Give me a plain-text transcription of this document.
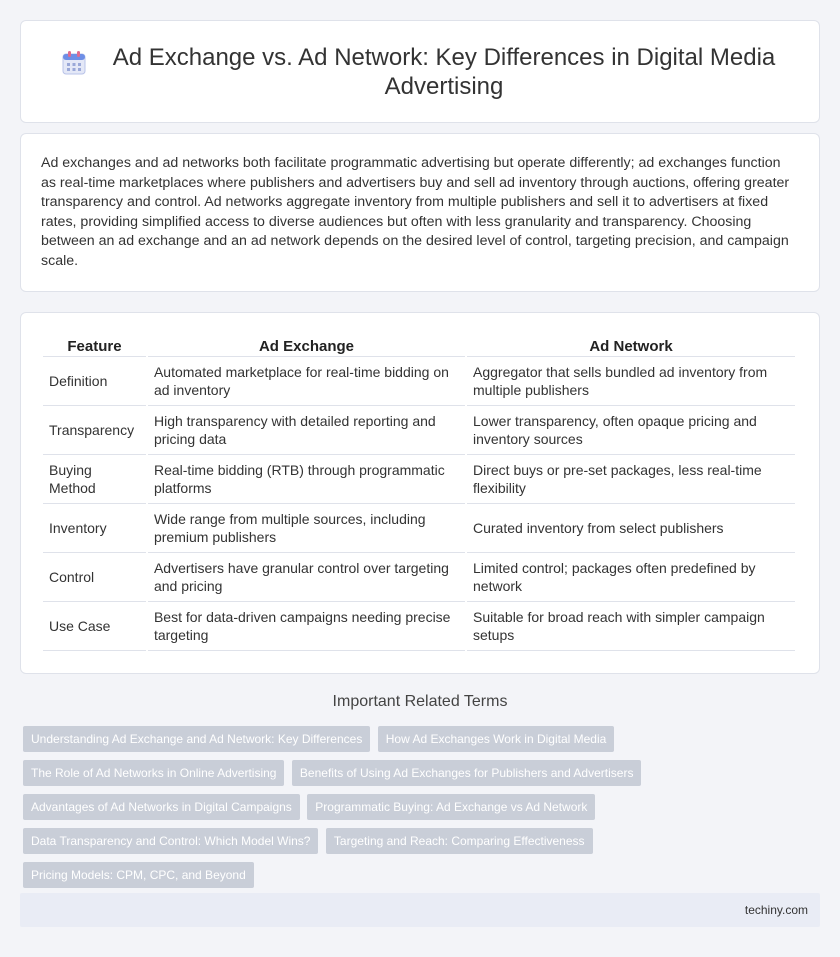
Ad Exchange vs. Ad Network: Key Differences in Digital Media Advertising

Ad exchanges and ad networks both facilitate programmatic advertising but operate differently; ad exchanges function as real-time marketplaces where publishers and advertisers buy and sell ad inventory through auctions, offering greater transparency and control. Ad networks aggregate inventory from multiple publishers and sell it to advertisers at fixed rates, providing simplified access to diverse audiences but often with less granularity and transparency. Choosing between an ad exchange and an ad network depends on the desired level of control, targeting precision, and campaign scale.

Feature	Ad Exchange	Ad Network
Definition	Automated marketplace for real-time bidding on ad inventory	Aggregator that sells bundled ad inventory from multiple publishers
Transparency	High transparency with detailed reporting and pricing data	Lower transparency, often opaque pricing and inventory sources
Buying Method	Real-time bidding (RTB) through programmatic platforms	Direct buys or pre-set packages, less real-time flexibility
Inventory	Wide range from multiple sources, including premium publishers	Curated inventory from select publishers
Control	Advertisers have granular control over targeting and pricing	Limited control; packages often predefined by network
Use Case	Best for data-driven campaigns needing precise targeting	Suitable for broad reach with simpler campaign setups
Important Related Terms
Understanding Ad Exchange and Ad Network: Key Differences How Ad Exchanges Work in Digital Media
The Role of Ad Networks in Online Advertising Benefits of Using Ad Exchanges for Publishers and Advertisers
Advantages of Ad Networks in Digital Campaigns Programmatic Buying: Ad Exchange vs Ad Network
Data Transparency and Control: Which Model Wins? Targeting and Reach: Comparing Effectiveness Pricing Models: CPM, CPC, and Beyond

techiny.com
